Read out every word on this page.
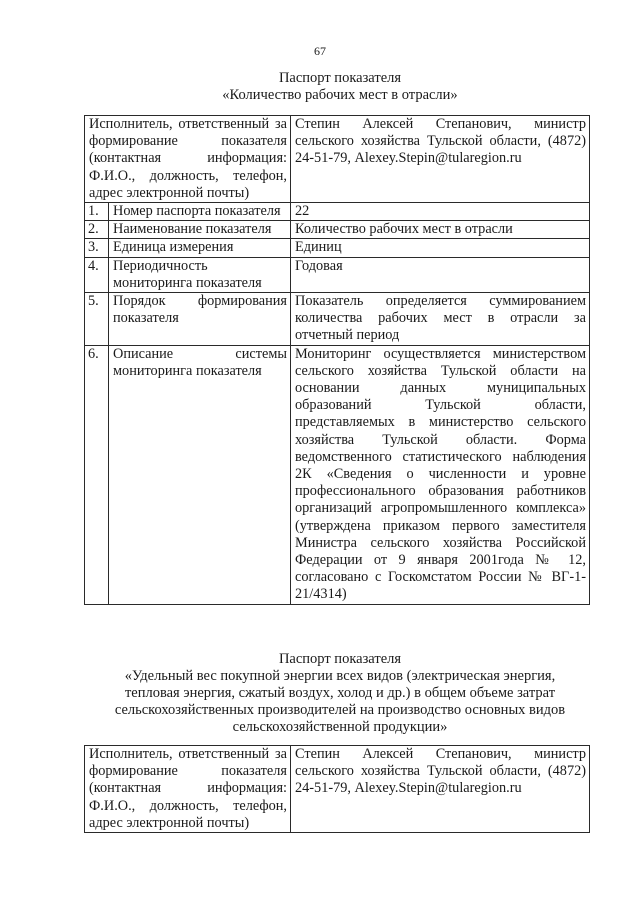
67
Паспорт показателя
«Количество рабочих мест в отрасли»
Исполнитель, ответственный за формирование показателя (контактная информация: Ф.И.О., должность, телефон, адрес электронной почты)		Степин Алексей Степанович, министр сельского хозяйства Тульской области, (4872) 24-51-79, Alexey.Stepin@tularegion.ru
1.	Номер паспорта показателя	22
2.	Наименование показателя	Количество рабочих мест в отрасли
3.	Единица измерения	Единиц
4.	Периодичность мониторинга показателя	Годовая
5.	Порядок формирования показателя	Показатель определяется суммированием количества рабочих мест в отрасли за отчетный период
6.	Описание системы мониторинга показателя	Мониторинг осуществляется министерством сельского хозяйства Тульской области на основании данных муниципальных образований Тульской области, представляемых в министерство сельского хозяйства Тульской области. Форма ведомственного статистического наблюдения 2К «Сведения о численности и уровне профессионального образования работников организаций агропромышленного комплекса» (утверждена приказом первого заместителя Министра сельского хозяйства Российской Федерации от 9 января 2001года № 12, согласовано с Госкомстатом России № ВГ-1-21/4314)
Паспорт показателя
«Удельный вес покупной энергии всех видов (электрическая энергия, тепловая энергия, сжатый воздух, холод и др.) в общем объеме затрат сельскохозяйственных производителей на производство основных видов сельскохозяйственной продукции»
Исполнитель, ответственный за формирование показателя (контактная информация: Ф.И.О., должность, телефон, адрес электронной почты)	Степин Алексей Степанович, министр сельского хозяйства Тульской области, (4872) 24-51-79, Alexey.Stepin@tularegion.ru
